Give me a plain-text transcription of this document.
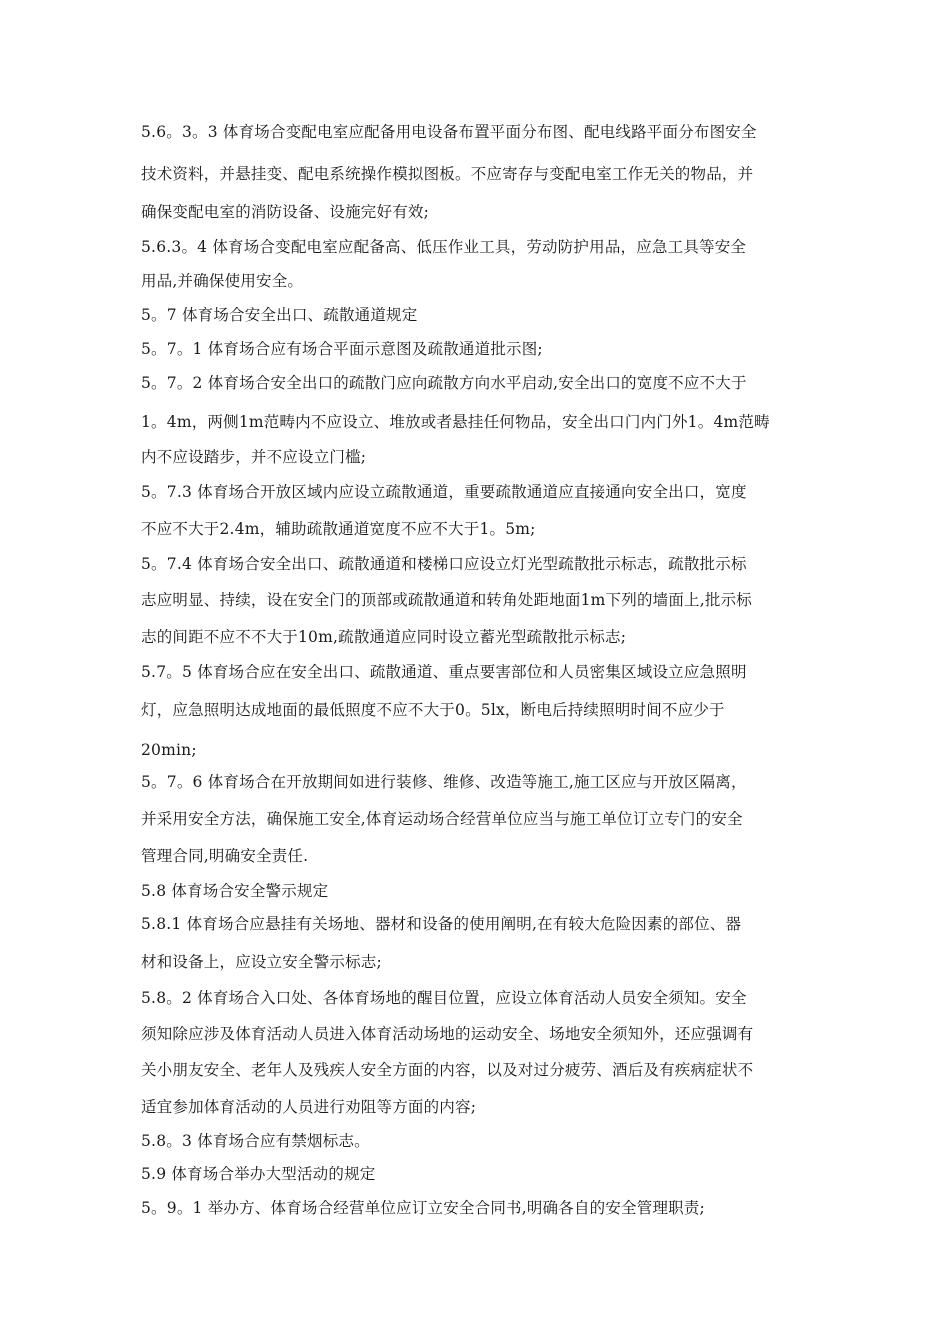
5.6。3。3 体育场合变配电室应配备用电设备布置平面分布图、配电线路平面分布图安全
技术资料，并悬挂变、配电系统操作模拟图板。不应寄存与变配电室工作无关的物品，并
确保变配电室的消防设备、设施完好有效;
5.6.3。4 体育场合变配电室应配备高、低压作业工具，劳动防护用品，应急工具等安全
用品,并确保使用安全。
5。7 体育场合安全出口、疏散通道规定
5。7。1 体育场合应有场合平面示意图及疏散通道批示图;
5。7。2 体育场合安全出口的疏散门应向疏散方向水平启动,安全出口的宽度不应不大于
1。4m，两侧1m范畴内不应设立、堆放或者悬挂任何物品，安全出口门内门外1。4m范畴
内不应设踏步，并不应设立门槛;
5。7.3 体育场合开放区域内应设立疏散通道，重要疏散通道应直接通向安全出口，宽度
不应不大于2.4m，辅助疏散通道宽度不应不大于1。5m;
5。7.4 体育场合安全出口、疏散通道和楼梯口应设立灯光型疏散批示标志，疏散批示标
志应明显、持续，设在安全门的顶部或疏散通道和转角处距地面1m下列的墙面上,批示标
志的间距不应不不大于10m,疏散通道应同时设立蓄光型疏散批示标志;
5.7。5 体育场合应在安全出口、疏散通道、重点要害部位和人员密集区域设立应急照明
灯，应急照明达成地面的最低照度不应不大于0。5lx，断电后持续照明时间不应少于
20min;
5。7。6 体育场合在开放期间如进行装修、维修、改造等施工,施工区应与开放区隔离，
并采用安全方法，确保施工安全,体育运动场合经营单位应当与施工单位订立专门的安全
管理合同,明确安全责任.
5.8 体育场合安全警示规定
5.8.1 体育场合应悬挂有关场地、器材和设备的使用阐明,在有较大危险因素的部位、器
材和设备上，应设立安全警示标志;
5.8。2 体育场合入口处、各体育场地的醒目位置，应设立体育活动人员安全须知。安全
须知除应涉及体育活动人员进入体育活动场地的运动安全、场地安全须知外，还应强调有
关小朋友安全、老年人及残疾人安全方面的内容，以及对过分疲劳、酒后及有疾病症状不
适宜参加体育活动的人员进行劝阻等方面的内容;
5.8。3 体育场合应有禁烟标志。
5.9 体育场合举办大型活动的规定
5。9。1 举办方、体育场合经营单位应订立安全合同书,明确各自的安全管理职责;
